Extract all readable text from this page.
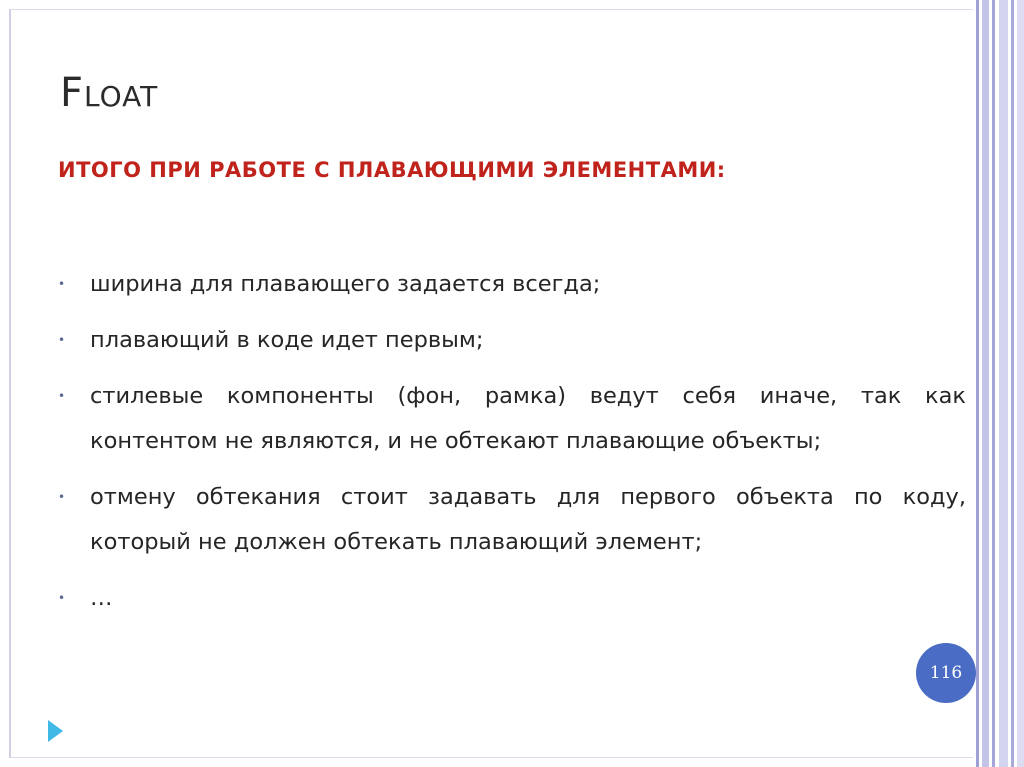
Float
ИТОГО ПРИ РАБОТЕ С ПЛАВАЮЩИМИ ЭЛЕМЕНТАМИ:
• ширина для плавающего задается всегда;
• плавающий в коде идет первым;
• стилевые компоненты (фон, рамка) ведут себя иначе, так как контентом не являются, и не обтекают плавающие объекты;
• отмену обтекания стоит задавать для первого объекта по коду, который не должен обтекать плавающий элемент;
• …
116
